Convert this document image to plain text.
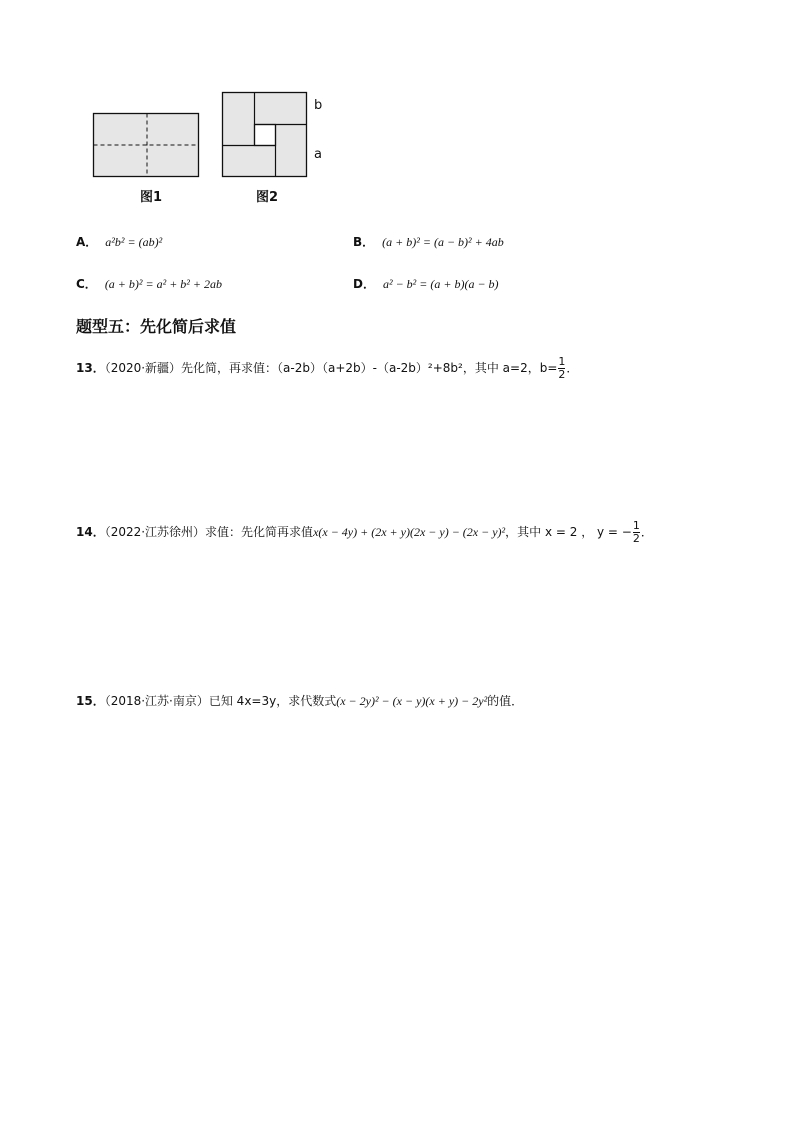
图1
b
a
图2
A． a²b² = (ab)²	B． (a + b)² = (a − b)² + 4ab
C． (a + b)² = a² + b² + 2ab	D． a² − b² = (a + b)(a − b)
题型五：先化简后求值
13．（2020·新疆）先化简，再求值：（a-2b）（a+2b）-（a-2b）²+8b²，其中 a=2，$b= \frac{1}{2}$ ．
14．（2022·江苏徐州）求值：先化简再求值x(x − 4y) + (2x + y)(2x − y) − (2x − y)²，其中 x = 2 ， y = − $\frac{1}{2}$ ．
15．（2018·江苏·南京）已知 4x=3y，求代数式(x − 2y)² − (x − y)(x + y) − 2y²的值．
